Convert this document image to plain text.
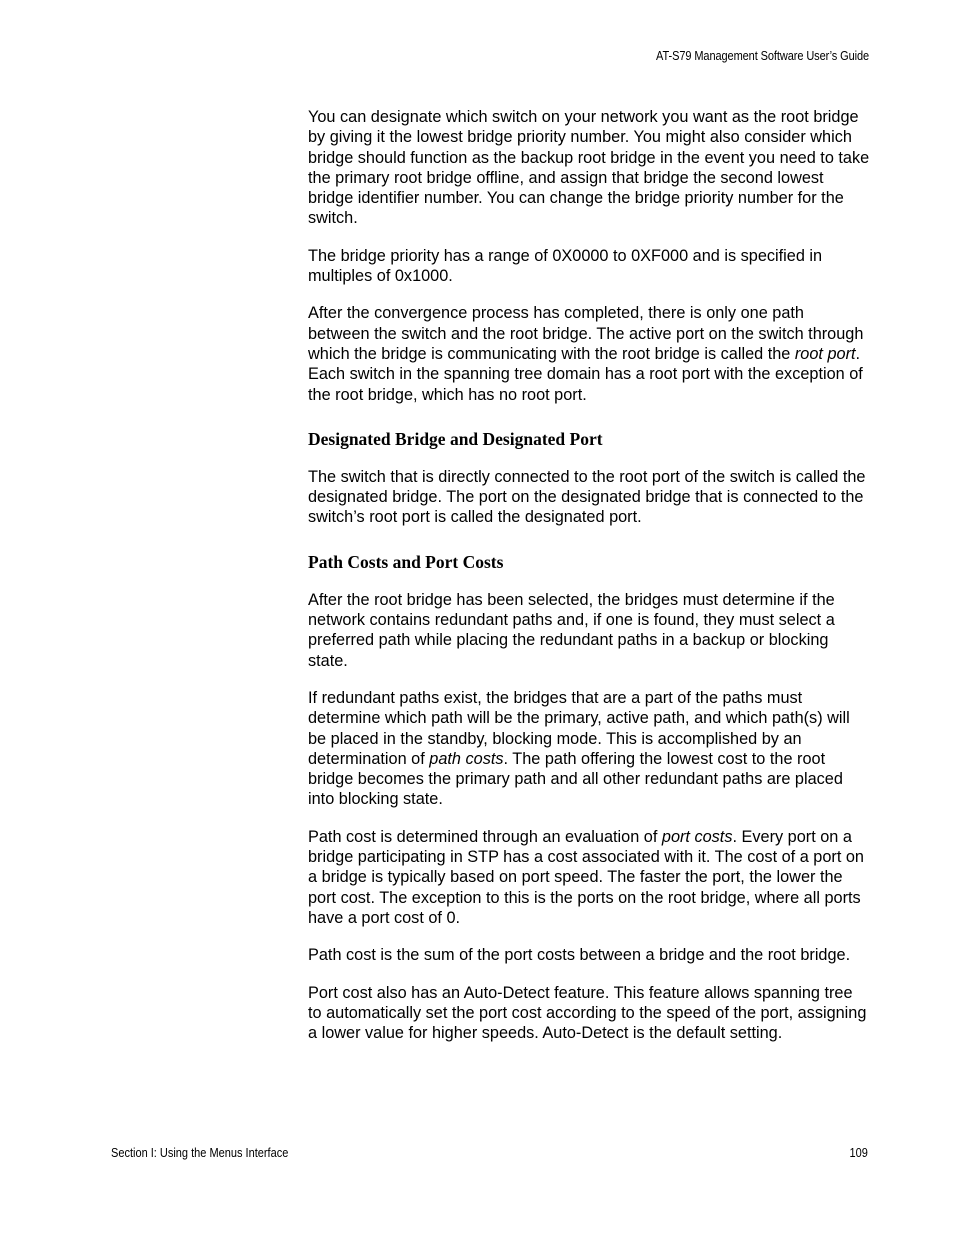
AT-S79 Management Software User’s Guide

You can designate which switch on your network you want as the root bridge by giving it the lowest bridge priority number. You might also consider which bridge should function as the backup root bridge in the event you need to take the primary root bridge offline, and assign that bridge the second lowest bridge identifier number. You can change the bridge priority number for the switch.

The bridge priority has a range of 0X0000 to 0XF000 and is specified in multiples of 0x1000.

After the convergence process has completed, there is only one path between the switch and the root bridge. The active port on the switch through which the bridge is communicating with the root bridge is called the root port. Each switch in the spanning tree domain has a root port with the exception of the root bridge, which has no root port.

Designated Bridge and Designated Port

The switch that is directly connected to the root port of the switch is called the designated bridge. The port on the designated bridge that is connected to the switch’s root port is called the designated port.

Path Costs and Port Costs

After the root bridge has been selected, the bridges must determine if the network contains redundant paths and, if one is found, they must select a preferred path while placing the redundant paths in a backup or blocking state.

If redundant paths exist, the bridges that are a part of the paths must determine which path will be the primary, active path, and which path(s) will be placed in the standby, blocking mode. This is accomplished by an determination of path costs. The path offering the lowest cost to the root bridge becomes the primary path and all other redundant paths are placed into blocking state.

Path cost is determined through an evaluation of port costs. Every port on a bridge participating in STP has a cost associated with it. The cost of a port on a bridge is typically based on port speed. The faster the port, the lower the port cost. The exception to this is the ports on the root bridge, where all ports have a port cost of 0.

Path cost is the sum of the port costs between a bridge and the root bridge.

Port cost also has an Auto-Detect feature. This feature allows spanning tree to automatically set the port cost according to the speed of the port, assigning a lower value for higher speeds. Auto-Detect is the default setting.

Section I: Using the Menus Interface	109
